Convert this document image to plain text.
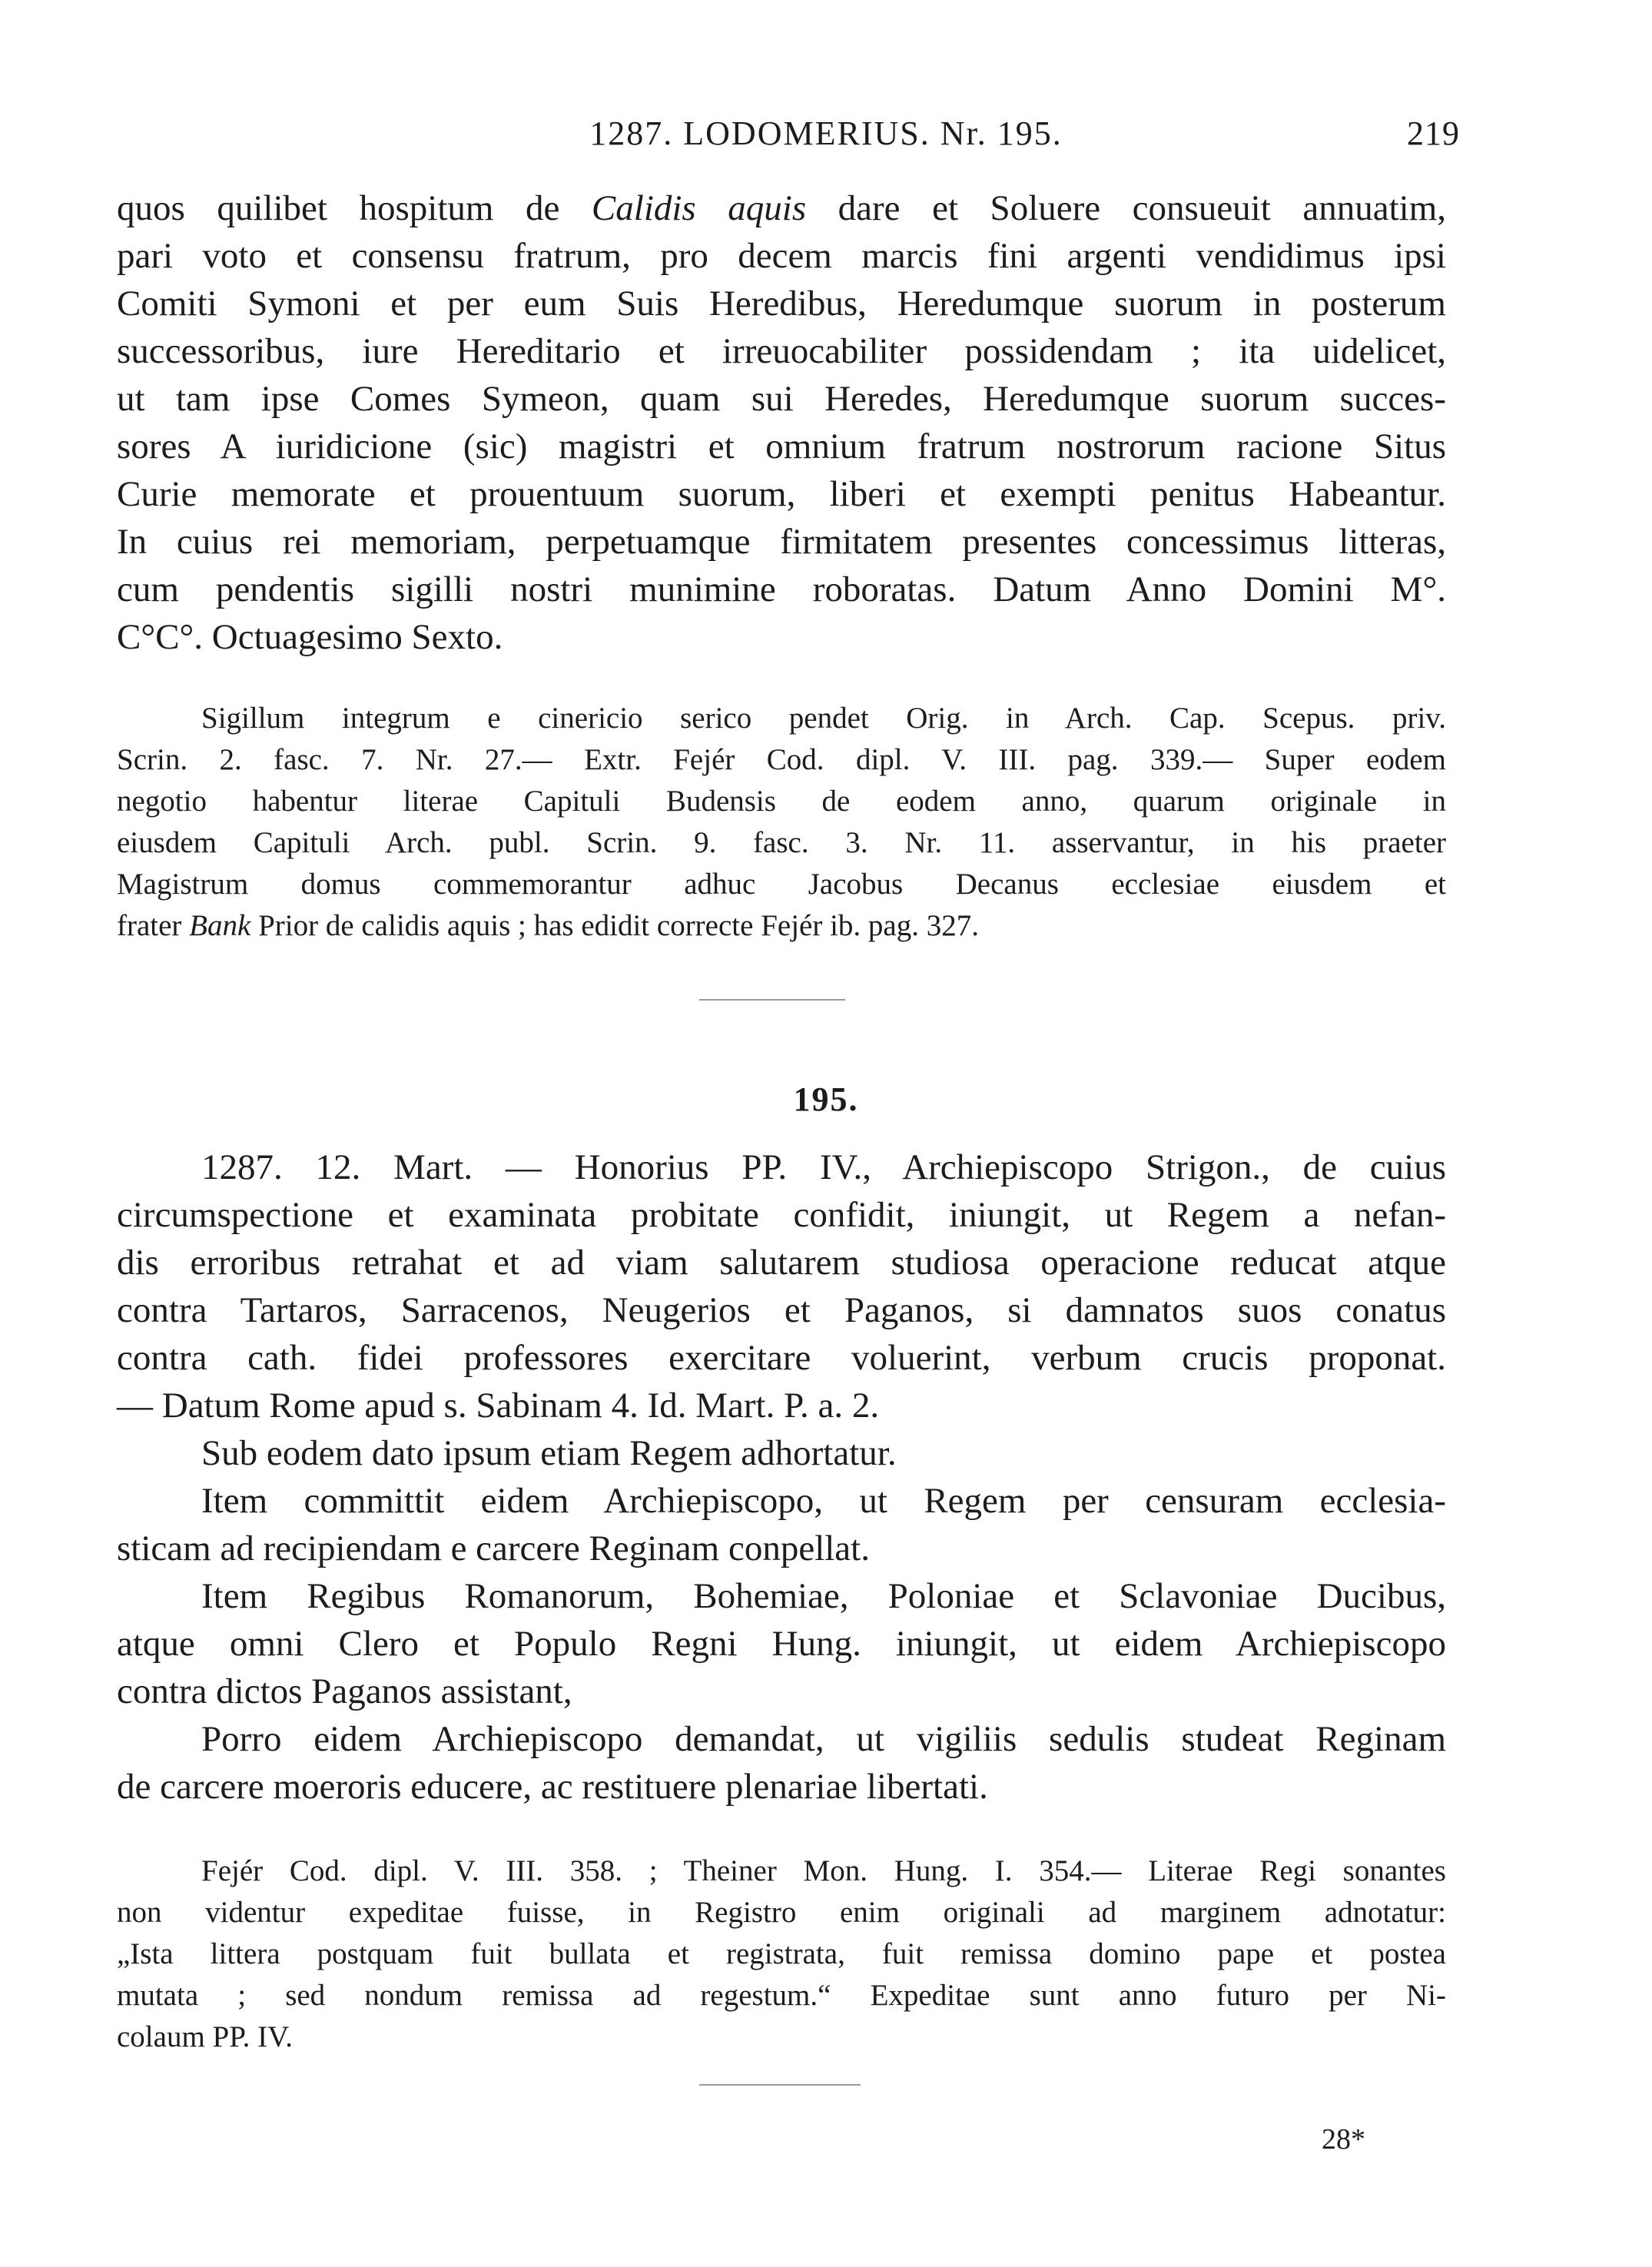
1287. LODOMERIUS. Nr. 195.	219
quos quilibet hospitum de Calidis aquis dare et Soluere consueuit annuatim,
pari voto et consensu fratrum, pro decem marcis fini argenti vendidimus ipsi
Comiti Symoni et per eum Suis Heredibus, Heredumque suorum in posterum
successoribus, iure Hereditario et irreuocabiliter possidendam ; ita uidelicet,
ut tam ipse Comes Symeon, quam sui Heredes, Heredumque suorum succes-
sores A iuridicione (sic) magistri et omnium fratrum nostrorum racione Situs
Curie memorate et prouentuum suorum, liberi et exempti penitus Habeantur.
In cuius rei memoriam, perpetuamque firmitatem presentes concessimus litteras,
cum pendentis sigilli nostri munimine roboratas. Datum Anno Domini M°.
C°C°. Octuagesimo Sexto.
Sigillum integrum e cinericio serico pendet Orig. in Arch. Cap. Scepus. priv.
Scrin. 2. fasc. 7. Nr. 27.— Extr. Fejér Cod. dipl. V. III. pag. 339.— Super eodem
negotio habentur literae Capituli Budensis de eodem anno, quarum originale in
eiusdem Capituli Arch. publ. Scrin. 9. fasc. 3. Nr. 11. asservantur, in his praeter
Magistrum domus commemorantur adhuc Jacobus Decanus ecclesiae eiusdem et
frater Bank Prior de calidis aquis ; has edidit correcte Fejér ib. pag. 327.
195.
1287. 12. Mart. — Honorius PP. IV., Archiepiscopo Strigon., de cuius
circumspectione et examinata probitate confidit, iniungit, ut Regem a nefan-
dis erroribus retrahat et ad viam salutarem studiosa operacione reducat atque
contra Tartaros, Sarracenos, Neugerios et Paganos, si damnatos suos conatus
contra cath. fidei professores exercitare voluerint, verbum crucis proponat.
— Datum Rome apud s. Sabinam 4. Id. Mart. P. a. 2.
Sub eodem dato ipsum etiam Regem adhortatur.
Item committit eidem Archiepiscopo, ut Regem per censuram ecclesia-
sticam ad recipiendam e carcere Reginam conpellat.
Item Regibus Romanorum, Bohemiae, Poloniae et Sclavoniae Ducibus,
atque omni Clero et Populo Regni Hung. iniungit, ut eidem Archiepiscopo
contra dictos Paganos assistant,
Porro eidem Archiepiscopo demandat, ut vigiliis sedulis studeat Reginam
de carcere moeroris educere, ac restituere plenariae libertati.
Fejér Cod. dipl. V. III. 358. ; Theiner Mon. Hung. I. 354.— Literae Regi sonantes
non videntur expeditae fuisse, in Registro enim originali ad marginem adnotatur:
„Ista littera postquam fuit bullata et registrata, fuit remissa domino pape et postea
mutata ; sed nondum remissa ad regestum.“ Expeditae sunt anno futuro per Ni-
colaum PP. IV.
28*
